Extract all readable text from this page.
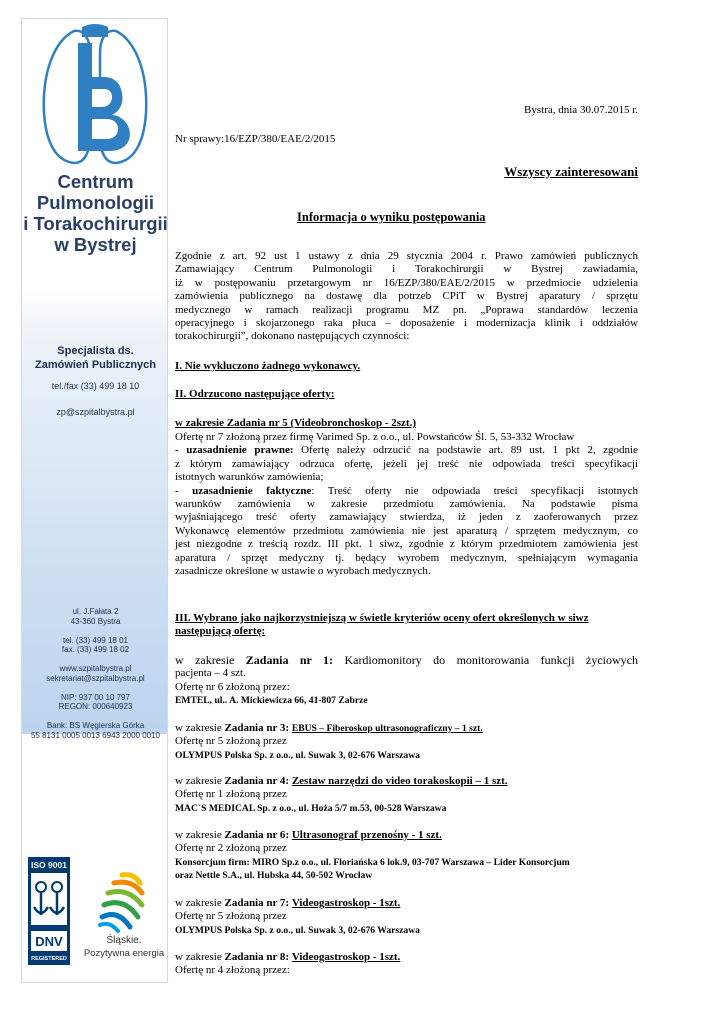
Centrum
Pulmonologii
i Torakochirurgii
w Bystrej
Specjalista ds.
Zamówień Publicznych
tel./fax (33) 499 18 10
zp@szpitalbystra.pl
ul. J.Fałata 2
43-360 Bystra
tel. (33) 499 18 01
fax. (33) 499 18 02
www.szpitalbystra.pl
sekretariat@szpitalbystra.pl
NIP: 937 00 10 797
REGON: 000640923
Bank: BS Węgierska Górka
55 8131 0005 0013 6943 2000 0010
ISO 9001
DNV
REGISTERED
Śląskie.
Pozytywna energia
Bystra, dnia 30.07.2015 r.
Nr sprawy:16/EZP/380/EAE/2/2015
Wszyscy zainteresowani
Informacja o wyniku postępowania
Zgodnie z art. 92 ust 1 ustawy z dnia 29 stycznia 2004 r. Prawo zamówień publicznych
Zamawiający Centrum Pulmonologii i Torakochirurgii w Bystrej zawiadamia,
iż w postępowaniu przetargowym nr 16/EZP/380/EAE/2/2015 w przedmiocie udzielenia
zamówienia publicznego na dostawę dla potrzeb CPiT w Bystrej aparatury / sprzętu
medycznego w ramach realizacji programu MZ pn. „Poprawa standardów leczenia
operacyjnego i skojarzonego raka płuca – doposażenie i modernizacja klinik i oddziałów
torakochirurgii”, dokonano następujących czynności:
I. Nie wykluczono żadnego wykonawcy.
II. Odrzucono następujące oferty:
w zakresie Zadania nr 5 (Videobronchoskop - 2szt.)
Ofertę nr 7 złożoną przez firmę Varimed Sp. z o.o., ul. Powstańców Śl. 5, 53-332 Wrocław
- uzasadnienie prawne: Ofertę należy odrzucić na podstawie art. 89 ust. 1 pkt 2, zgodnie
z którym zamawiający odrzuca ofertę, jeżeli jej treść nie odpowiada treści specyfikacji
istotnych warunków zamówienia;
- uzasadnienie faktyczne: Treść oferty nie odpowiada treści specyfikacji istotnych
warunków zamówienia w zakresie przedmiotu zamówienia. Na podstawie pisma
wyjaśniającego treść oferty zamawiający stwierdza, iż jeden z zaoferowanych przez
Wykonawcę elementów przedmiotu zamówienia nie jest aparaturą / sprzętem medycznym, co
jest niezgodne z treścią rozdz. III pkt. 1 siwz, zgodnie z którym przedmiotem zamówienia jest
aparatura / sprzęt medyczny tj. będący wyrobem medycznym, spełniającym wymagania
zasadnicze określone w ustawie o wyrobach medycznych.
III. Wybrano jako najkorzystniejszą w świetle kryteriów oceny ofert określonych w siwz
następującą ofertę:
w zakresie Zadania nr 1: Kardiomonitory do monitorowania funkcji życiowych
pacjenta – 4 szt.
Ofertę nr 6 złożoną przez:
EMTEL, ul.. A. Mickiewicza 66, 41-807 Zabrze
w zakresie Zadania nr 3: EBUS – Fiberoskop ultrasonograficzny – 1 szt.
Ofertę nr 5 złożoną przez
OLYMPUS Polska Sp. z o.o., ul. Suwak 3, 02-676 Warszawa
w zakresie Zadania nr 4: Zestaw narzędzi do video torakoskopii – 1 szt.
Ofertę nr 1 złożoną przez
MAC`S MEDICAL Sp. z o.o., ul. Hoża 5/7 m.53, 00-528 Warszawa
w zakresie Zadania nr 6: Ultrasonograf przenośny - 1 szt.
Ofertę nr 2 złożoną przez
Konsorcjum firm: MIRO Sp.z o.o., ul. Floriańska 6 lok.9, 03-707 Warszawa – Lider Konsorcjum
oraz Nettle S.A., ul. Hubska 44, 50-502 Wrocław
w zakresie Zadania nr 7: Videogastroskop - 1szt.
Ofertę nr 5 złożoną przez
OLYMPUS Polska Sp. z o.o., ul. Suwak 3, 02-676 Warszawa
w zakresie Zadania nr 8: Videogastroskop - 1szt.
Ofertę nr 4 złożoną przez:
